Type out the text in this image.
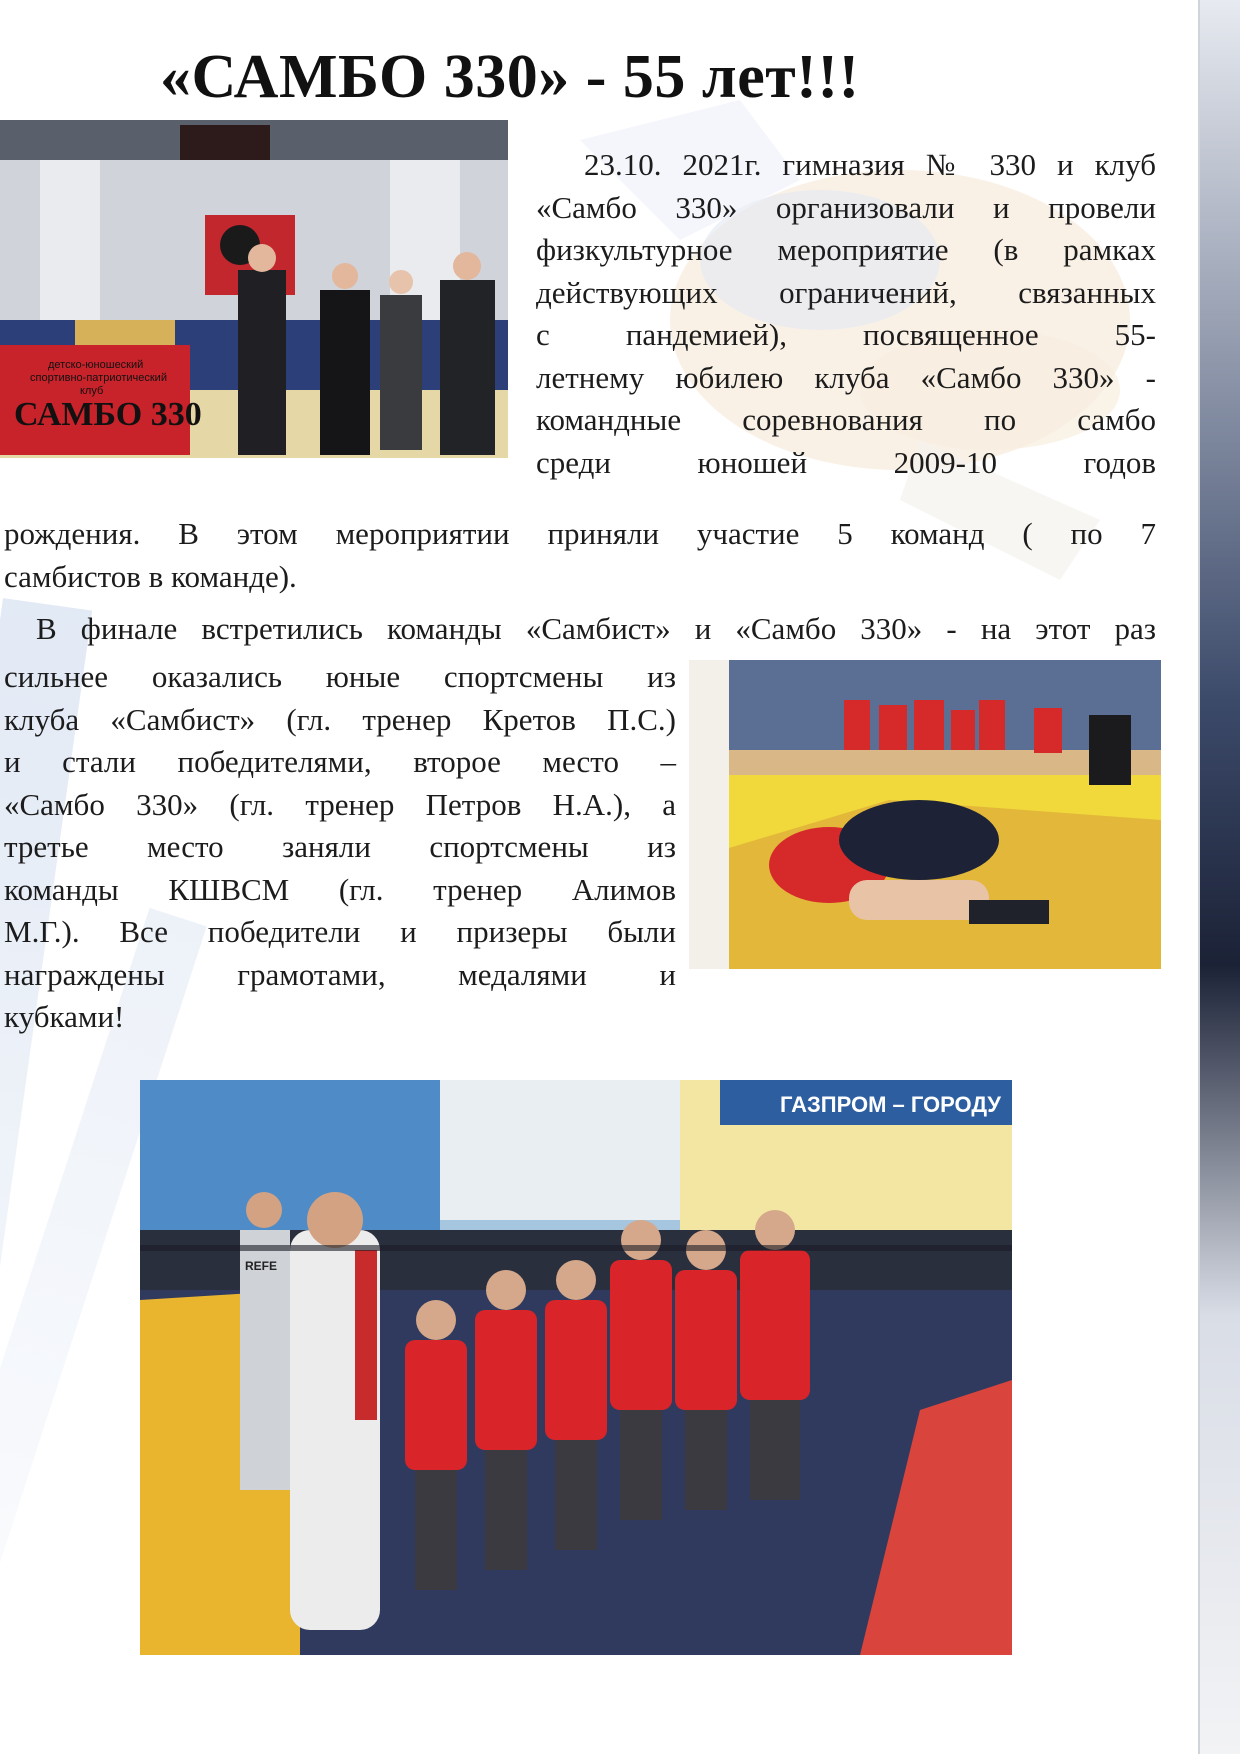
«САМБО 330» - 55 лет!!!
САМБО 330
детско-юношеский
спортивно-патриотический
клуб
23.10. 2021г. гимназия № 330 и клуб
«Самбо 330» организовали и провели
физкультурное мероприятие (в рамках
действующих ограничений, связанных
с пандемией), посвященное 55-
летнему юбилею клуба «Самбо 330» -
командные соревнования по самбо
среди юношей 2009-10 годов
рождения. В этом мероприятии приняли участие 5 команд ( по 7
самбистов в команде).
В финале встретились команды «Самбист» и «Самбо 330» - на этот раз
сильнее оказались юные спортсмены из
клуба «Самбист» (гл. тренер Кретов П.С.)
и стали победителями, второе место –
«Самбо 330» (гл. тренер Петров Н.А.), а
третье место заняли спортсмены из
команды КШВСМ (гл. тренер Алимов
М.Г.). Все победители и призеры были
награждены грамотами, медалями и
кубками!
ГАЗПРОМ – ГОРОДУ
REFE
